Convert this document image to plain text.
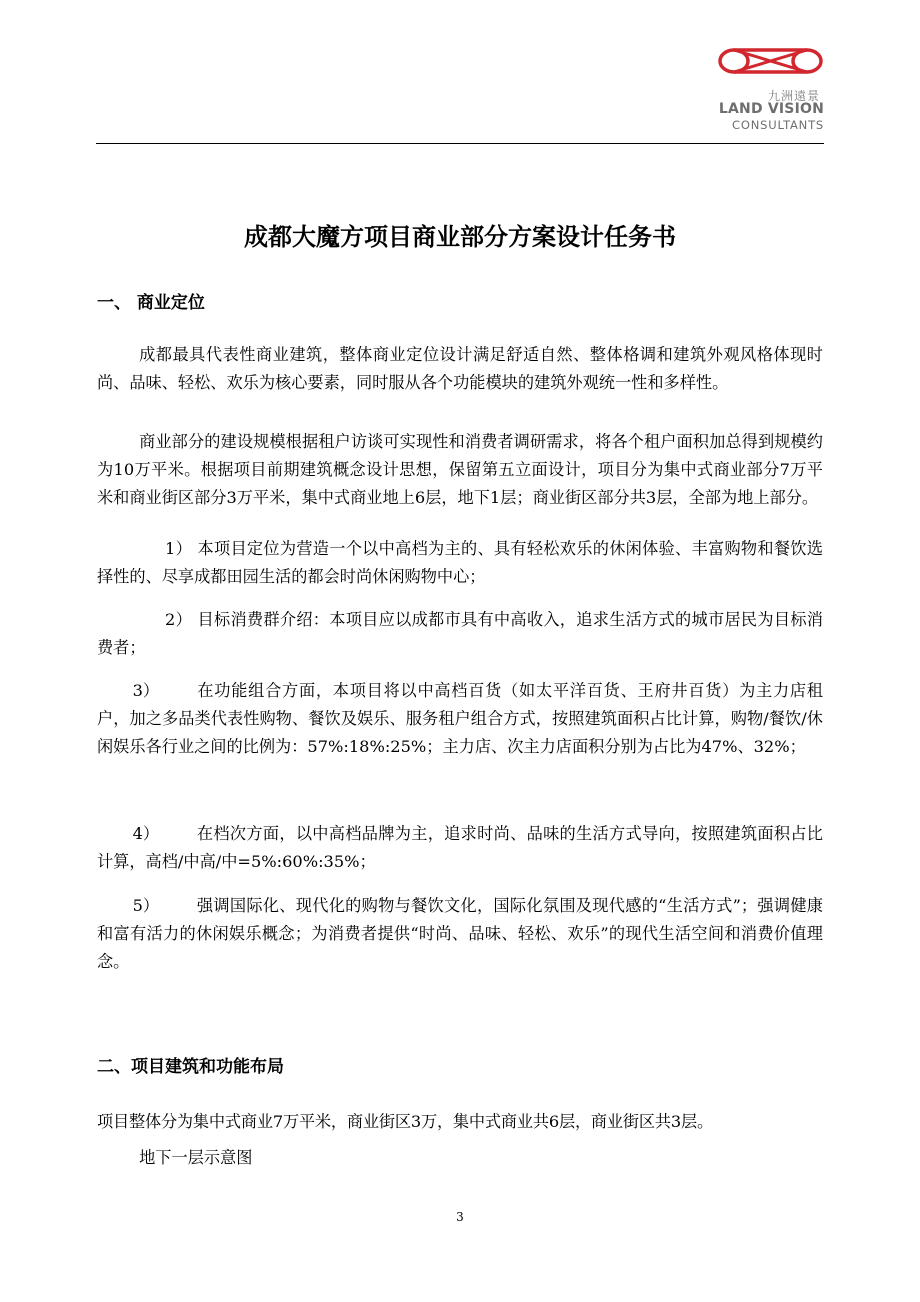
九洲遠景
LAND VISION
CONSULTANTS
成都大魔方项目商业部分方案设计任务书
一、 商业定位
成都最具代表性商业建筑，整体商业定位设计满足舒适自然、整体格调和建筑外观风格体现时尚、品味、轻松、欢乐为核心要素，同时服从各个功能模块的建筑外观统一性和多样性。
商业部分的建设规模根据租户访谈可实现性和消费者调研需求，将各个租户面积加总得到规模约为10万平米。根据项目前期建筑概念设计思想，保留第五立面设计，项目分为集中式商业部分7万平米和商业街区部分3万平米，集中式商业地上6层，地下1层；商业街区部分共3层，全部为地上部分。
1） 本项目定位为营造一个以中高档为主的、具有轻松欢乐的休闲体验、丰富购物和餐饮选择性的、尽享成都田园生活的都会时尚休闲购物中心；
2） 目标消费群介绍：本项目应以成都市具有中高收入，追求生活方式的城市居民为目标消费者；
3） 在功能组合方面，本项目将以中高档百货（如太平洋百货、王府井百货）为主力店租户，加之多品类代表性购物、餐饮及娱乐、服务租户组合方式，按照建筑面积占比计算，购物/餐饮/休闲娱乐各行业之间的比例为：57%:18%:25%；主力店、次主力店面积分别为占比为47%、32%；
4） 在档次方面，以中高档品牌为主，追求时尚、品味的生活方式导向，按照建筑面积占比计算，高档/中高/中=5%:60%:35%；
5） 强调国际化、现代化的购物与餐饮文化，国际化氛围及现代感的“生活方式”；强调健康和富有活力的休闲娱乐概念；为消费者提供“时尚、品味、轻松、欢乐”的现代生活空间和消费价值理念。
二、项目建筑和功能布局
项目整体分为集中式商业7万平米，商业街区3万，集中式商业共6层，商业街区共3层。
地下一层示意图
3
